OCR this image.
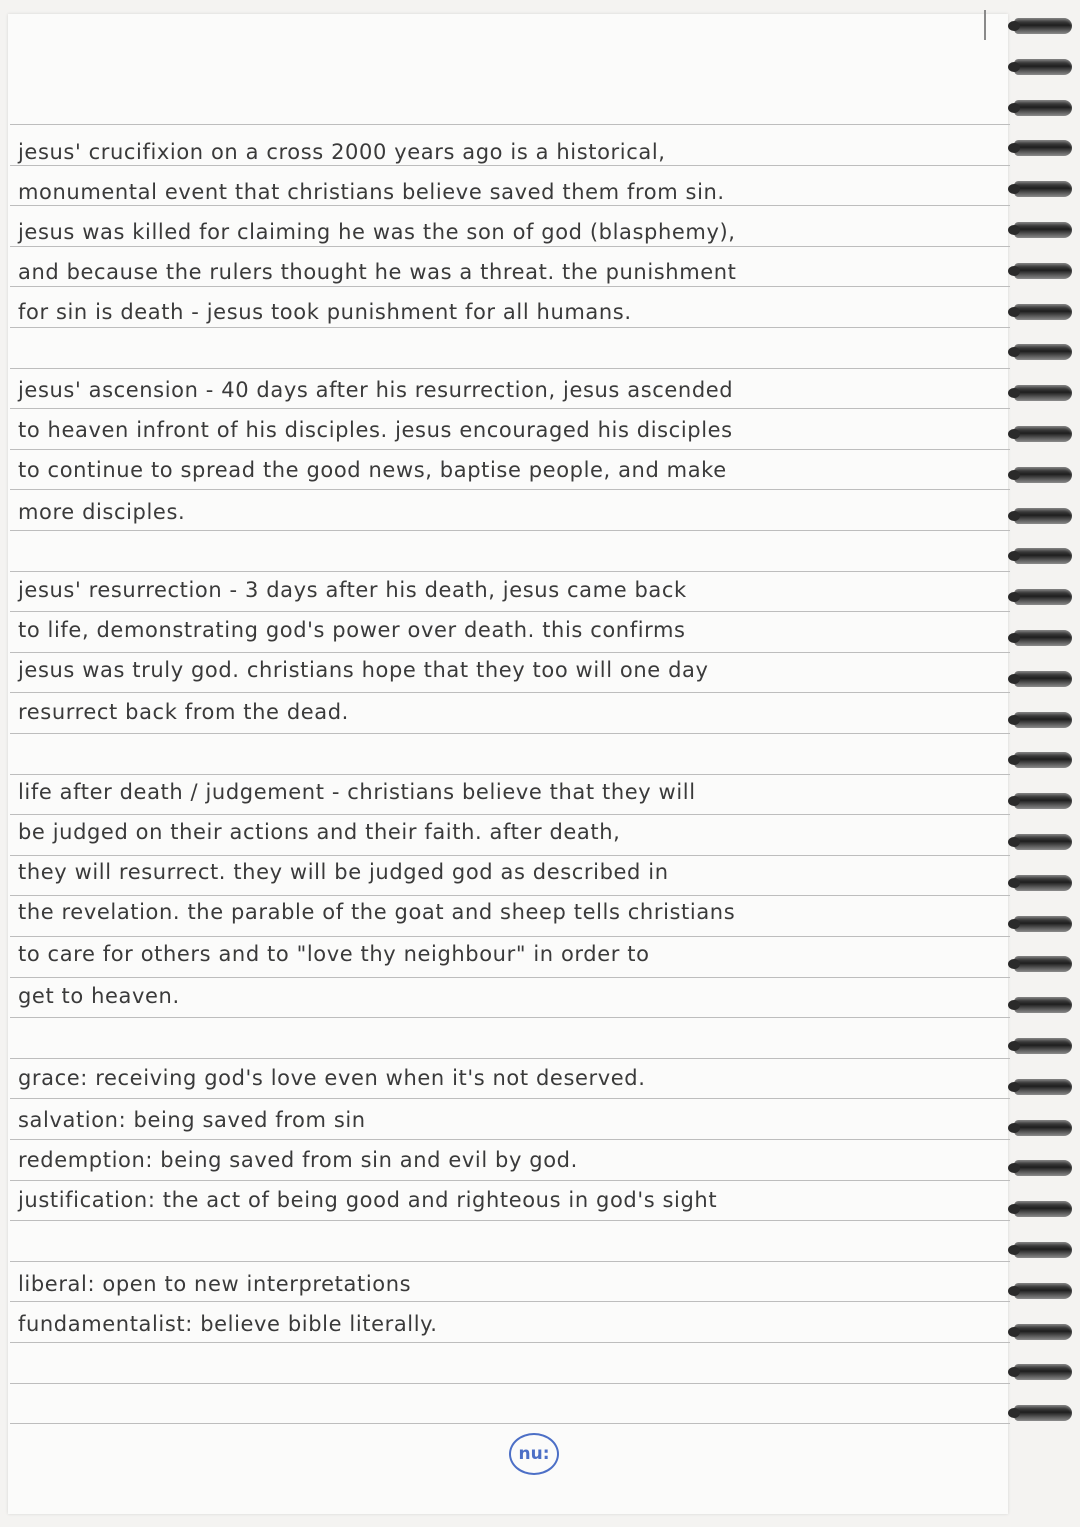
jesus' crucifixion on a cross 2000 years ago is a historical,
monumental event that christians believe saved them from sin.
jesus was killed for claiming he was the son of god (blasphemy),
and because the rulers thought he was a threat. the punishment
for sin is death - jesus took punishment for all humans.
jesus' ascension - 40 days after his resurrection, jesus ascended
to heaven infront of his disciples. jesus encouraged his disciples
to continue to spread the good news, baptise people, and make
more disciples.
jesus' resurrection - 3 days after his death, jesus came back
to life, demonstrating god's power over death. this confirms
jesus was truly god. christians hope that they too will one day
resurrect back from the dead.
life after death / judgement - christians believe that they will
be judged on their actions and their faith. after death,
they will resurrect. they will be judged god as described in
the revelation. the parable of the goat and sheep tells christians
to care for others and to "love thy neighbour" in order to
get to heaven.
grace: receiving god's love even when it's not deserved.
salvation: being saved from sin
redemption: being saved from sin and evil by god.
justification: the act of being good and righteous in god's sight
liberal: open to new interpretations
fundamentalist: believe bible literally.
nu:
